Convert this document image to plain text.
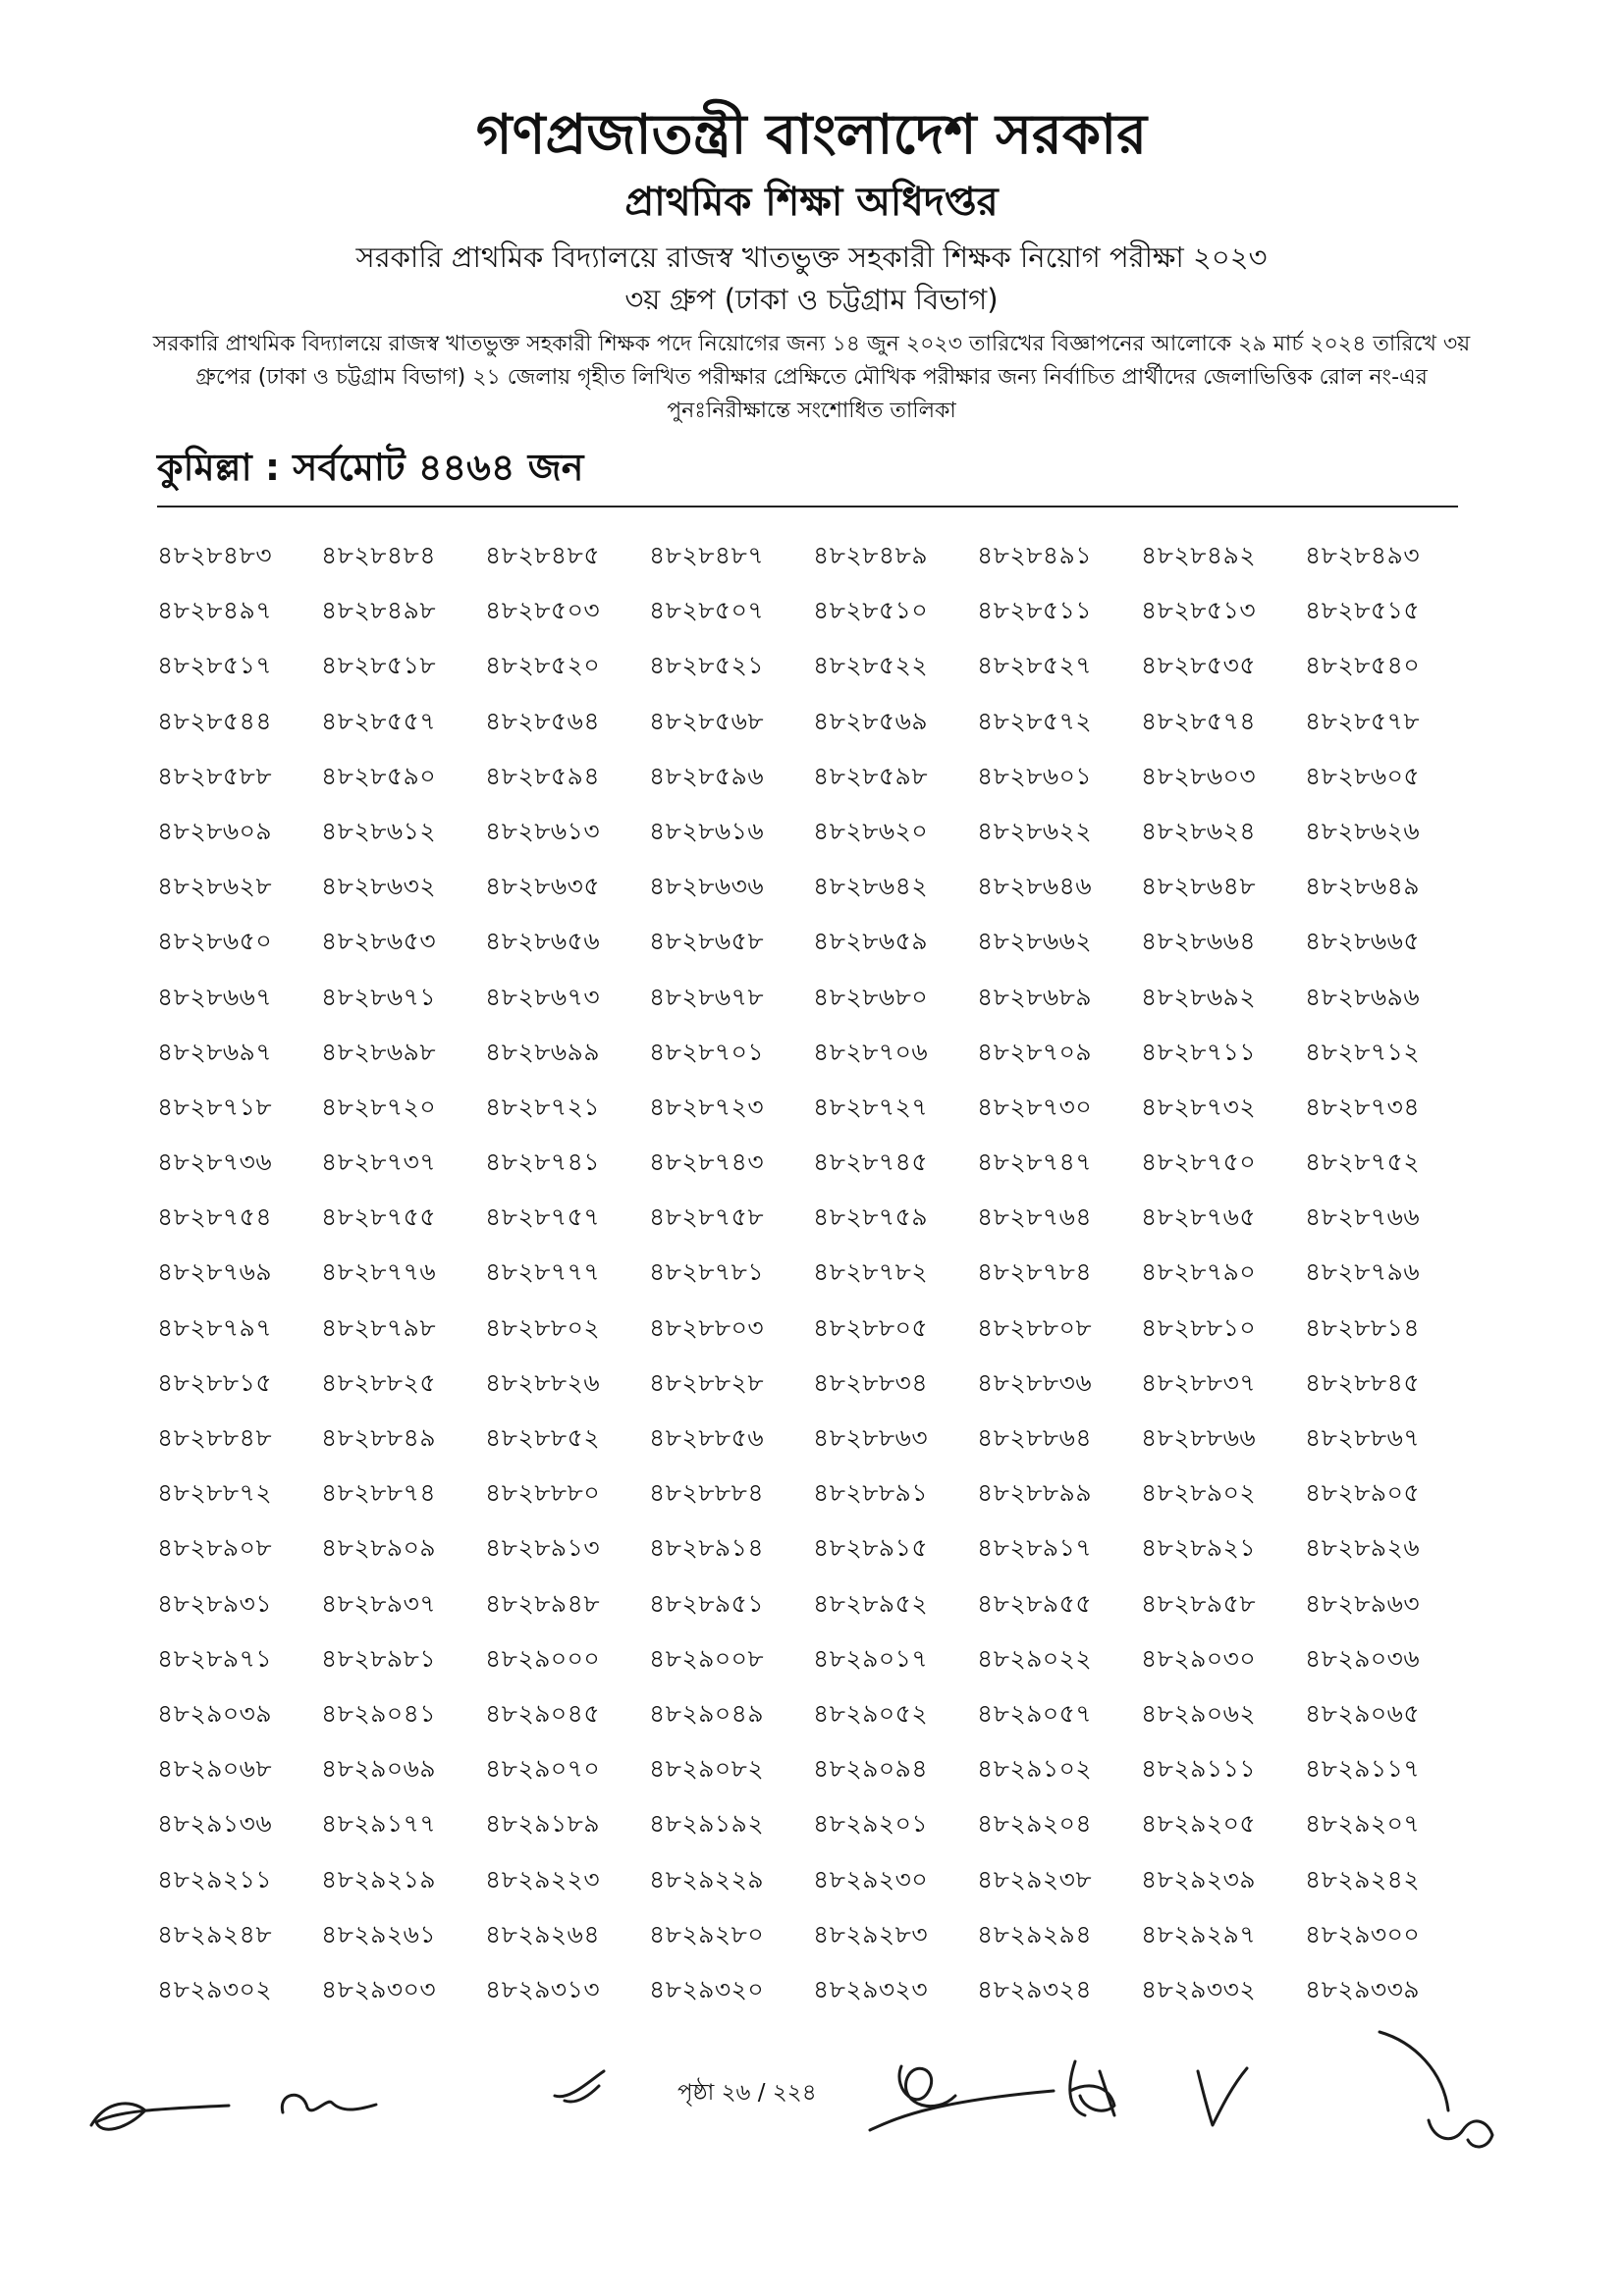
গণপ্রজাতন্ত্রী বাংলাদেশ সরকার
প্রাথমিক শিক্ষা অধিদপ্তর

সরকারি প্রাথমিক বিদ্যালয়ে রাজস্ব খাতভুক্ত সহকারী শিক্ষক নিয়োগ পরীক্ষা ২০২৩

৩য় গ্রুপ (ঢাকা ও চট্টগ্রাম বিভাগ)

সরকারি প্রাথমিক বিদ্যালয়ে রাজস্ব খাতভুক্ত সহকারী শিক্ষক পদে নিয়োগের জন্য ১৪ জুন ২০২৩ তারিখের বিজ্ঞাপনের আলোকে ২৯ মার্চ ২০২৪ তারিখে ৩য় গ্রুপের (ঢাকা ও চট্টগ্রাম বিভাগ) ২১ জেলায় গৃহীত লিখিত পরীক্ষার প্রেক্ষিতে মৌখিক পরীক্ষার জন্য নির্বাচিত প্রার্থীদের জেলাভিত্তিক রোল নং-এর পুনঃনিরীক্ষান্তে সংশোধিত তালিকা

কুমিল্লা : সর্বমোট ৪৪৬৪ জন
৪৮২৮৪৮৩	৪৮২৮৪৮৪	৪৮২৮৪৮৫	৪৮২৮৪৮৭	৪৮২৮৪৮৯	৪৮২৮৪৯১	৪৮২৮৪৯২	৪৮২৮৪৯৩
৪৮২৮৪৯৭	৪৮২৮৪৯৮	৪৮২৮৫০৩	৪৮২৮৫০৭	৪৮২৮৫১০	৪৮২৮৫১১	৪৮২৮৫১৩	৪৮২৮৫১৫
৪৮২৮৫১৭	৪৮২৮৫১৮	৪৮২৮৫২০	৪৮২৮৫২১	৪৮২৮৫২২	৪৮২৮৫২৭	৪৮২৮৫৩৫	৪৮২৮৫৪০
৪৮২৮৫৪৪	৪৮২৮৫৫৭	৪৮২৮৫৬৪	৪৮২৮৫৬৮	৪৮২৮৫৬৯	৪৮২৮৫৭২	৪৮২৮৫৭৪	৪৮২৮৫৭৮
৪৮২৮৫৮৮	৪৮২৮৫৯০	৪৮২৮৫৯৪	৪৮২৮৫৯৬	৪৮২৮৫৯৮	৪৮২৮৬০১	৪৮২৮৬০৩	৪৮২৮৬০৫
৪৮২৮৬০৯	৪৮২৮৬১২	৪৮২৮৬১৩	৪৮২৮৬১৬	৪৮২৮৬২০	৪৮২৮৬২২	৪৮২৮৬২৪	৪৮২৮৬২৬
৪৮২৮৬২৮	৪৮২৮৬৩২	৪৮২৮৬৩৫	৪৮২৮৬৩৬	৪৮২৮৬৪২	৪৮২৮৬৪৬	৪৮২৮৬৪৮	৪৮২৮৬৪৯
৪৮২৮৬৫০	৪৮২৮৬৫৩	৪৮২৮৬৫৬	৪৮২৮৬৫৮	৪৮২৮৬৫৯	৪৮২৮৬৬২	৪৮২৮৬৬৪	৪৮২৮৬৬৫
৪৮২৮৬৬৭	৪৮২৮৬৭১	৪৮২৮৬৭৩	৪৮২৮৬৭৮	৪৮২৮৬৮০	৪৮২৮৬৮৯	৪৮২৮৬৯২	৪৮২৮৬৯৬
৪৮২৮৬৯৭	৪৮২৮৬৯৮	৪৮২৮৬৯৯	৪৮২৮৭০১	৪৮২৮৭০৬	৪৮২৮৭০৯	৪৮২৮৭১১	৪৮২৮৭১২
৪৮২৮৭১৮	৪৮২৮৭২০	৪৮২৮৭২১	৪৮২৮৭২৩	৪৮২৮৭২৭	৪৮২৮৭৩০	৪৮২৮৭৩২	৪৮২৮৭৩৪
৪৮২৮৭৩৬	৪৮২৮৭৩৭	৪৮২৮৭৪১	৪৮২৮৭৪৩	৪৮২৮৭৪৫	৪৮২৮৭৪৭	৪৮২৮৭৫০	৪৮২৮৭৫২
৪৮২৮৭৫৪	৪৮২৮৭৫৫	৪৮২৮৭৫৭	৪৮২৮৭৫৮	৪৮২৮৭৫৯	৪৮২৮৭৬৪	৪৮২৮৭৬৫	৪৮২৮৭৬৬
৪৮২৮৭৬৯	৪৮২৮৭৭৬	৪৮২৮৭৭৭	৪৮২৮৭৮১	৪৮২৮৭৮২	৪৮২৮৭৮৪	৪৮২৮৭৯০	৪৮২৮৭৯৬
৪৮২৮৭৯৭	৪৮২৮৭৯৮	৪৮২৮৮০২	৪৮২৮৮০৩	৪৮২৮৮০৫	৪৮২৮৮০৮	৪৮২৮৮১০	৪৮২৮৮১৪
৪৮২৮৮১৫	৪৮২৮৮২৫	৪৮২৮৮২৬	৪৮২৮৮২৮	৪৮২৮৮৩৪	৪৮২৮৮৩৬	৪৮২৮৮৩৭	৪৮২৮৮৪৫
৪৮২৮৮৪৮	৪৮২৮৮৪৯	৪৮২৮৮৫২	৪৮২৮৮৫৬	৪৮২৮৮৬৩	৪৮২৮৮৬৪	৪৮২৮৮৬৬	৪৮২৮৮৬৭
৪৮২৮৮৭২	৪৮২৮৮৭৪	৪৮২৮৮৮০	৪৮২৮৮৮৪	৪৮২৮৮৯১	৪৮২৮৮৯৯	৪৮২৮৯০২	৪৮২৮৯০৫
৪৮২৮৯০৮	৪৮২৮৯০৯	৪৮২৮৯১৩	৪৮২৮৯১৪	৪৮২৮৯১৫	৪৮২৮৯১৭	৪৮২৮৯২১	৪৮২৮৯২৬
৪৮২৮৯৩১	৪৮২৮৯৩৭	৪৮২৮৯৪৮	৪৮২৮৯৫১	৪৮২৮৯৫২	৪৮২৮৯৫৫	৪৮২৮৯৫৮	৪৮২৮৯৬৩
৪৮২৮৯৭১	৪৮২৮৯৮১	৪৮২৯০০০	৪৮২৯০০৮	৪৮২৯০১৭	৪৮২৯০২২	৪৮২৯০৩০	৪৮২৯০৩৬
৪৮২৯০৩৯	৪৮২৯০৪১	৪৮২৯০৪৫	৪৮২৯০৪৯	৪৮২৯০৫২	৪৮২৯০৫৭	৪৮২৯০৬২	৪৮২৯০৬৫
৪৮২৯০৬৮	৪৮২৯০৬৯	৪৮২৯০৭০	৪৮২৯০৮২	৪৮২৯০৯৪	৪৮২৯১০২	৪৮২৯১১১	৪৮২৯১১৭
৪৮২৯১৩৬	৪৮২৯১৭৭	৪৮২৯১৮৯	৪৮২৯১৯২	৪৮২৯২০১	৪৮২৯২০৪	৪৮২৯২০৫	৪৮২৯২০৭
৪৮২৯২১১	৪৮২৯২১৯	৪৮২৯২২৩	৪৮২৯২২৯	৪৮২৯২৩০	৪৮২৯২৩৮	৪৮২৯২৩৯	৪৮২৯২৪২
৪৮২৯২৪৮	৪৮২৯২৬১	৪৮২৯২৬৪	৪৮২৯২৮০	৪৮২৯২৮৩	৪৮২৯২৯৪	৪৮২৯২৯৭	৪৮২৯৩০০
৪৮২৯৩০২	৪৮২৯৩০৩	৪৮২৯৩১৩	৪৮২৯৩২০	৪৮২৯৩২৩	৪৮২৯৩২৪	৪৮২৯৩৩২	৪৮২৯৩৩৯
পৃষ্ঠা ২৬ / ২২৪
